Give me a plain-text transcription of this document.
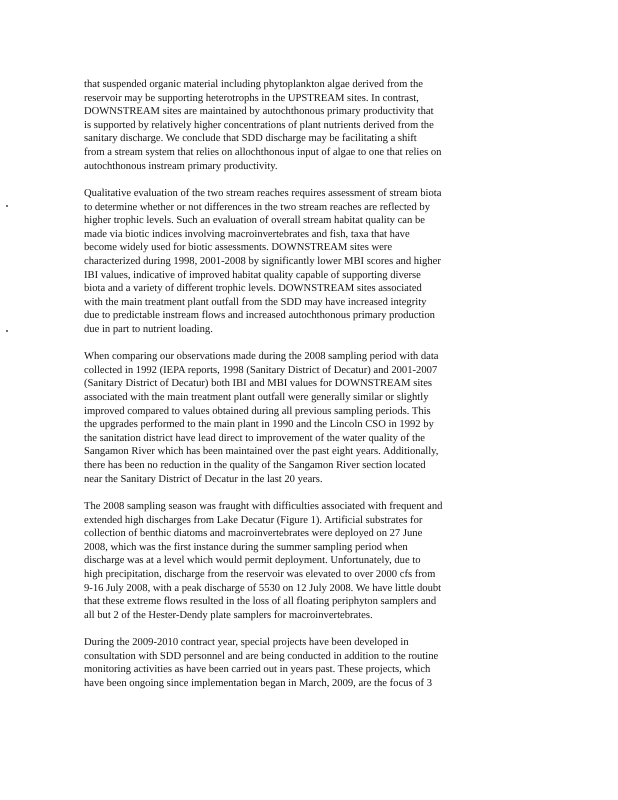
that suspended organic material including phytoplankton algae derived from the
reservoir may be supporting heterotrophs in the UPSTREAM sites. In contrast,
DOWNSTREAM sites are maintained by autochthonous primary productivity that
is supported by relatively higher concentrations of plant nutrients derived from the
sanitary discharge. We conclude that SDD discharge may be facilitating a shift
from a stream system that relies on allochthonous input of algae to one that relies on
autochthonous instream primary productivity.

Qualitative evaluation of the two stream reaches requires assessment of stream biota
to determine whether or not differences in the two stream reaches are reflected by
higher trophic levels. Such an evaluation of overall stream habitat quality can be
made via biotic indices involving macroinvertebrates and fish, taxa that have
become widely used for biotic assessments. DOWNSTREAM sites were
characterized during 1998, 2001-2008 by significantly lower MBI scores and higher
IBI values, indicative of improved habitat quality capable of supporting diverse
biota and a variety of different trophic levels. DOWNSTREAM sites associated
with the main treatment plant outfall from the SDD may have increased integrity
due to predictable instream flows and increased autochthonous primary production
due in part to nutrient loading.

When comparing our observations made during the 2008 sampling period with data
collected in 1992 (IEPA reports, 1998 (Sanitary District of Decatur) and 2001-2007
(Sanitary District of Decatur) both IBI and MBI values for DOWNSTREAM sites
associated with the main treatment plant outfall were generally similar or slightly
improved compared to values obtained during all previous sampling periods. This
the upgrades performed to the main plant in 1990 and the Lincoln CSO in 1992 by
the sanitation district have lead direct to improvement of the water quality of the
Sangamon River which has been maintained over the past eight years. Additionally,
there has been no reduction in the quality of the Sangamon River section located
near the Sanitary District of Decatur in the last 20 years.

The 2008 sampling season was fraught with difficulties associated with frequent and
extended high discharges from Lake Decatur (Figure 1). Artificial substrates for
collection of benthic diatoms and macroinvertebrates were deployed on 27 June
2008, which was the first instance during the summer sampling period when
discharge was at a level which would permit deployment. Unfortunately, due to
high precipitation, discharge from the reservoir was elevated to over 2000 cfs from
9-16 July 2008, with a peak discharge of 5530 on 12 July 2008. We have little doubt
that these extreme flows resulted in the loss of all floating periphyton samplers and
all but 2 of the Hester-Dendy plate samplers for macroinvertebrates.

During the 2009-2010 contract year, special projects have been developed in
consultation with SDD personnel and are being conducted in addition to the routine
monitoring activities as have been carried out in years past. These projects, which
have been ongoing since implementation began in March, 2009, are the focus of 3
